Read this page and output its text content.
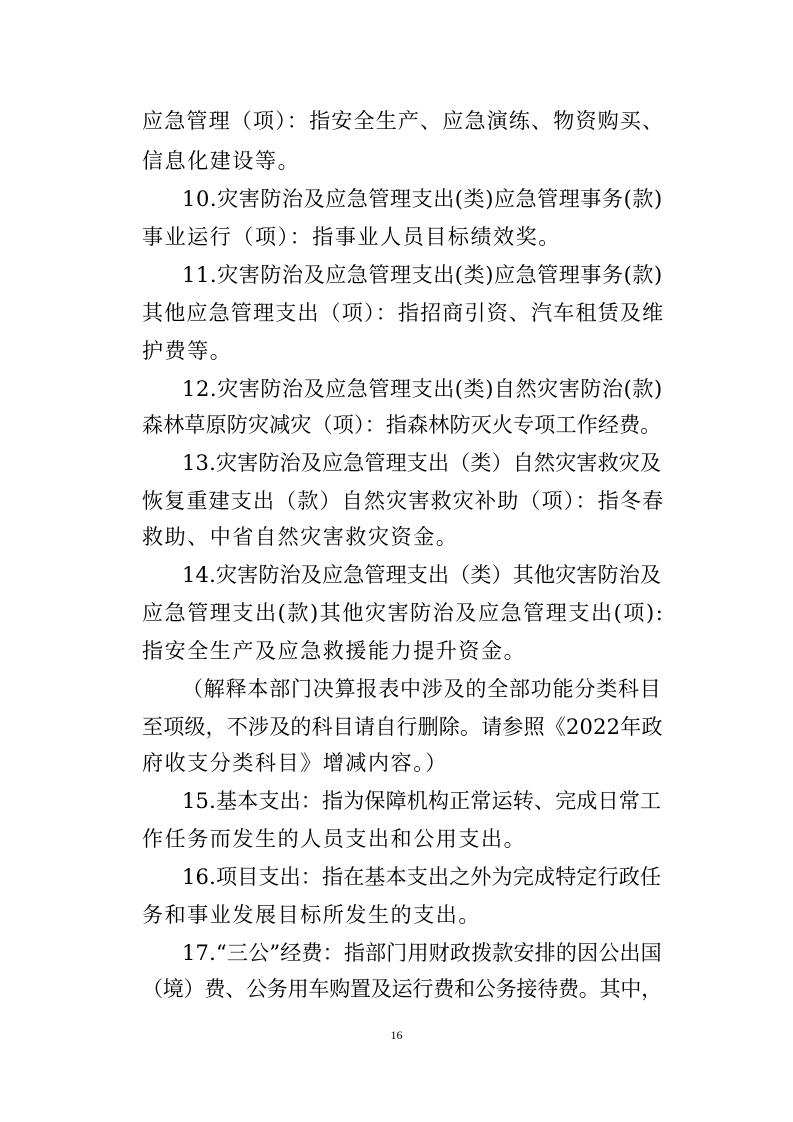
应急管理（项）：指安全生产、应急演练、物资购买、

信息化建设等。

10.灾害防治及应急管理支出(类)应急管理事务(款)

事业运行（项）：指事业人员目标绩效奖。

11.灾害防治及应急管理支出(类)应急管理事务(款)

其他应急管理支出（项）：指招商引资、汽车租赁及维

护费等。

12.灾害防治及应急管理支出(类)自然灾害防治(款)

森林草原防灾减灾（项）：指森林防灭火专项工作经费。

13.灾害防治及应急管理支出（类）自然灾害救灾及

恢复重建支出（款）自然灾害救灾补助（项）：指冬春

救助、中省自然灾害救灾资金。

14.灾害防治及应急管理支出（类）其他灾害防治及

应急管理支出(款)其他灾害防治及应急管理支出(项):

指安全生产及应急救援能力提升资金。

（解释本部门决算报表中涉及的全部功能分类科目

至项级，不涉及的科目请自行删除。请参照《2022年政

府收支分类科目》增减内容。）

15.基本支出：指为保障机构正常运转、完成日常工

作任务而发生的人员支出和公用支出。

16.项目支出：指在基本支出之外为完成特定行政任

务和事业发展目标所发生的支出。

17.“三公”经费：指部门用财政拨款安排的因公出国

（境）费、公务用车购置及运行费和公务接待费。其中，

16
